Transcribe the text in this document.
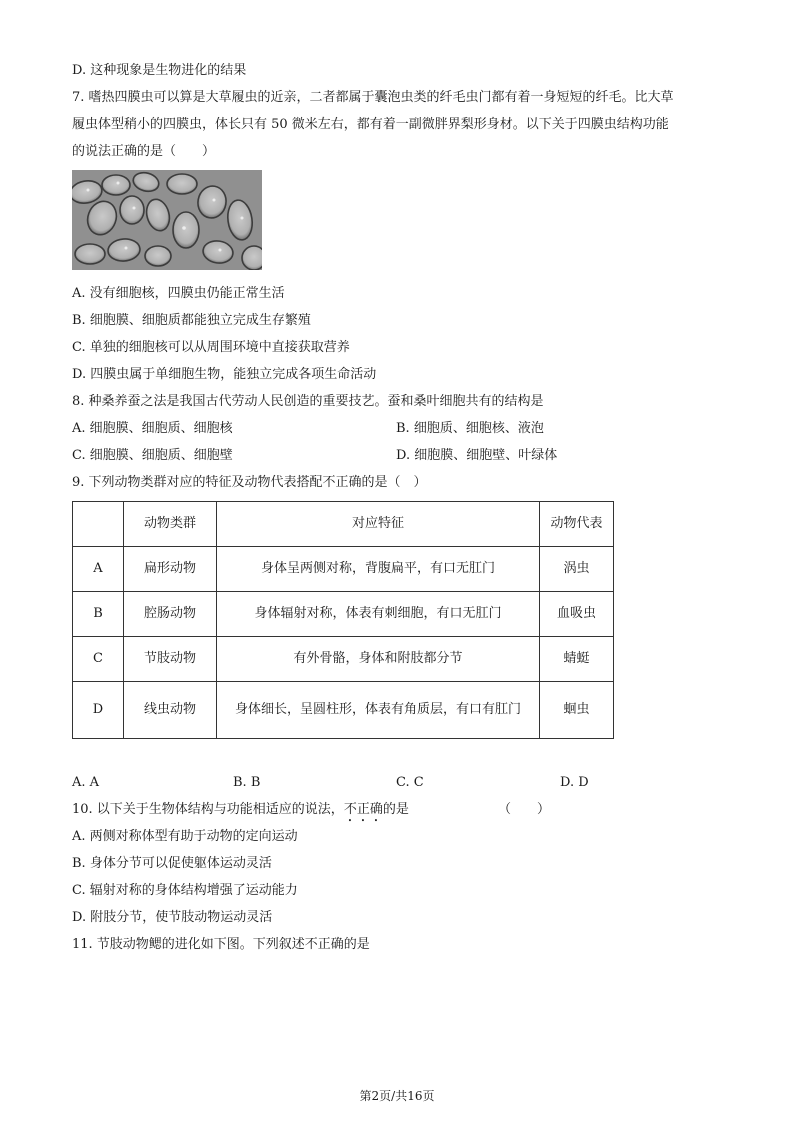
D. 这种现象是生物进化的结果
7. 嗜热四膜虫可以算是大草履虫的近亲，二者都属于囊泡虫类的纤毛虫门都有着一身短短的纤毛。比大草
履虫体型稍小的四膜虫，体长只有 50 微米左右，都有着一副微胖界梨形身材。以下关于四膜虫结构功能
的说法正确的是（　　）
A. 没有细胞核，四膜虫仍能正常生活
B. 细胞膜、细胞质都能独立完成生存繁殖
C. 单独的细胞核可以从周围环境中直接获取营养
D. 四膜虫属于单细胞生物，能独立完成各项生命活动
8. 种桑养蚕之法是我国古代劳动人民创造的重要技艺。蚕和桑叶细胞共有的结构是
A. 细胞膜、细胞质、细胞核	B. 细胞质、细胞核、液泡
C. 细胞膜、细胞质、细胞壁	D. 细胞膜、细胞壁、叶绿体
9. 下列动物类群对应的特征及动物代表搭配不正确的是（　）
	动物类群	对应特征	动物代表
A	扁形动物	身体呈两侧对称，背腹扁平，有口无肛门	涡虫
B	腔肠动物	身体辐射对称，体表有刺细胞，有口无肛门	血吸虫
C	节肢动物	有外骨骼，身体和附肢都分节	蜻蜓
D	线虫动物	身体细长，呈圆柱形，体表有角质层，有口有肛门	蛔虫
A. A	B. B	C. C	D. D
10. 以下关于生物体结构与功能相适应的说法，不正确的是	（　　）
A. 两侧对称体型有助于动物的定向运动
B. 身体分节可以促使躯体运动灵活
C. 辐射对称的身体结构增强了运动能力
D. 附肢分节，使节肢动物运动灵活
11. 节肢动物鳃的进化如下图。下列叙述不正确的是
第2页/共16页
